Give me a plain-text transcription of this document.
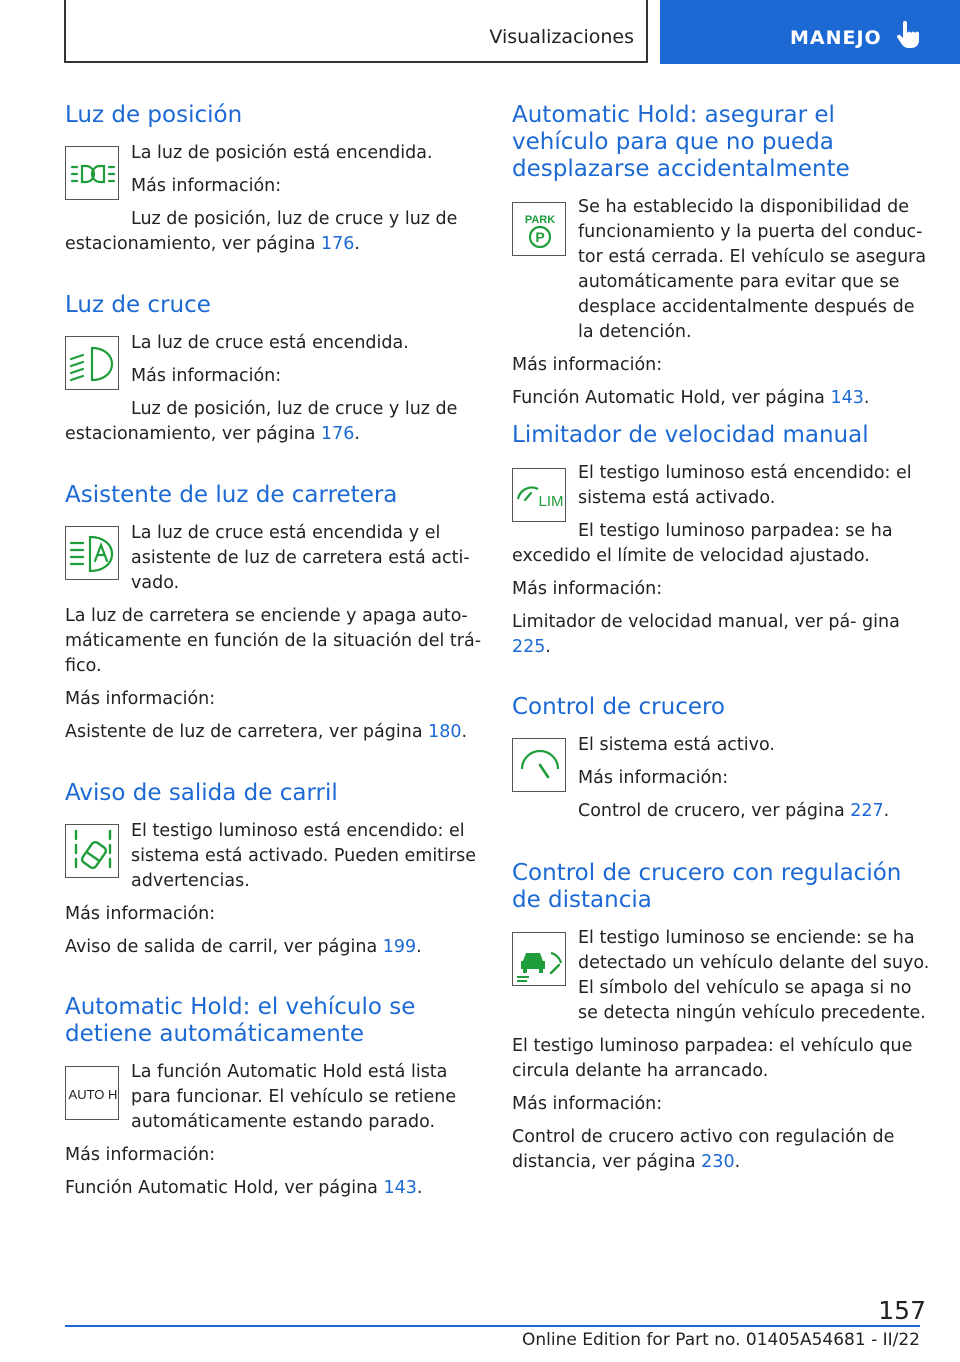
Visualizaciones	MANEJO
Luz de posición

La luz de posición está encendida.

Más información:

Luz de posición, luz de cruce y luz de estacionamiento, ver página 176.

Luz de cruce

La luz de cruce está encendida.

Más información:

Luz de posición, luz de cruce y luz de estacionamiento, ver página 176.

Asistente de luz de carretera

La luz de cruce está encendida y el asistente de luz de carretera está acti‐ vado.

La luz de carretera se enciende y apaga auto‐ máticamente en función de la situación del trá‐ fico.

Más información:

Asistente de luz de carretera, ver página 180.

Aviso de salida de carril

El testigo luminoso está encendido: el sistema está activado. Pueden emitirse advertencias.

Más información:

Aviso de salida de carril, ver página 199.

Automatic Hold: el vehículo se detiene automáticamente
AUTO H

La función Automatic Hold está lista para funcionar. El vehículo se retiene automáticamente estando parado.

Más información:

Función Automatic Hold, ver página 143.

Automatic Hold: asegurar el vehículo para que no pueda desplazarse accidentalmente
PARK
P

Se ha establecido la disponibilidad de funcionamiento y la puerta del conduc‐ tor está cerrada. El vehículo se asegura automáticamente para evitar que se desplace accidentalmente después de la detención.

Más información:

Función Automatic Hold, ver página 143.

Limitador de velocidad manual
LIM

El testigo luminoso está encendido: el sistema está activado.

El testigo luminoso parpadea: se ha excedido el límite de velocidad ajustado.

Más información:

Limitador de velocidad manual, ver pá‐ gina 225.

Control de crucero

El sistema está activo.

Más información:

Control de crucero, ver página 227.

Control de crucero con regulación de distancia

El testigo luminoso se enciende: se ha detectado un vehículo delante del suyo. El símbolo del vehículo se apaga si no se detecta ningún vehículo precedente.

El testigo luminoso parpadea: el vehículo que circula delante ha arrancado.

Más información:

Control de crucero activo con regulación de distancia, ver página 230.

157
Online Edition for Part no. 01405A54681 - II/22
